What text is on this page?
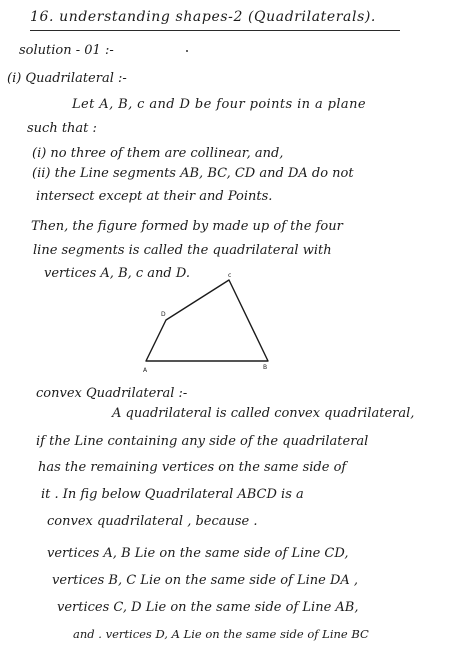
16. understanding shapes-2 (Quadrilaterals).
solution - 01 :-
(i) Quadrilateral :-
Let A, B, c and D be four points in a plane
such that :
(i) no three of them are collinear, and,
(ii) the Line segments AB, BC, CD and DA do not
intersect except at their and Points.
Then, the figure formed by made up of the four
line segments is called the quadrilateral with
vertices A, B, c and D.
A	B
c
D
convex Quadrilateral :-
A quadrilateral is called convex quadrilateral,
if the Line containing any side of the quadrilateral
has the remaining vertices on the same side of
it . In fig below Quadrilateral ABCD is a
convex quadrilateral , because .
vertices A, B Lie on the same side of Line CD,
vertices B, C Lie on the same side of Line DA ,
vertices C, D Lie on the same side of Line AB,
and . vertices D, A Lie on the same side of Line BC
